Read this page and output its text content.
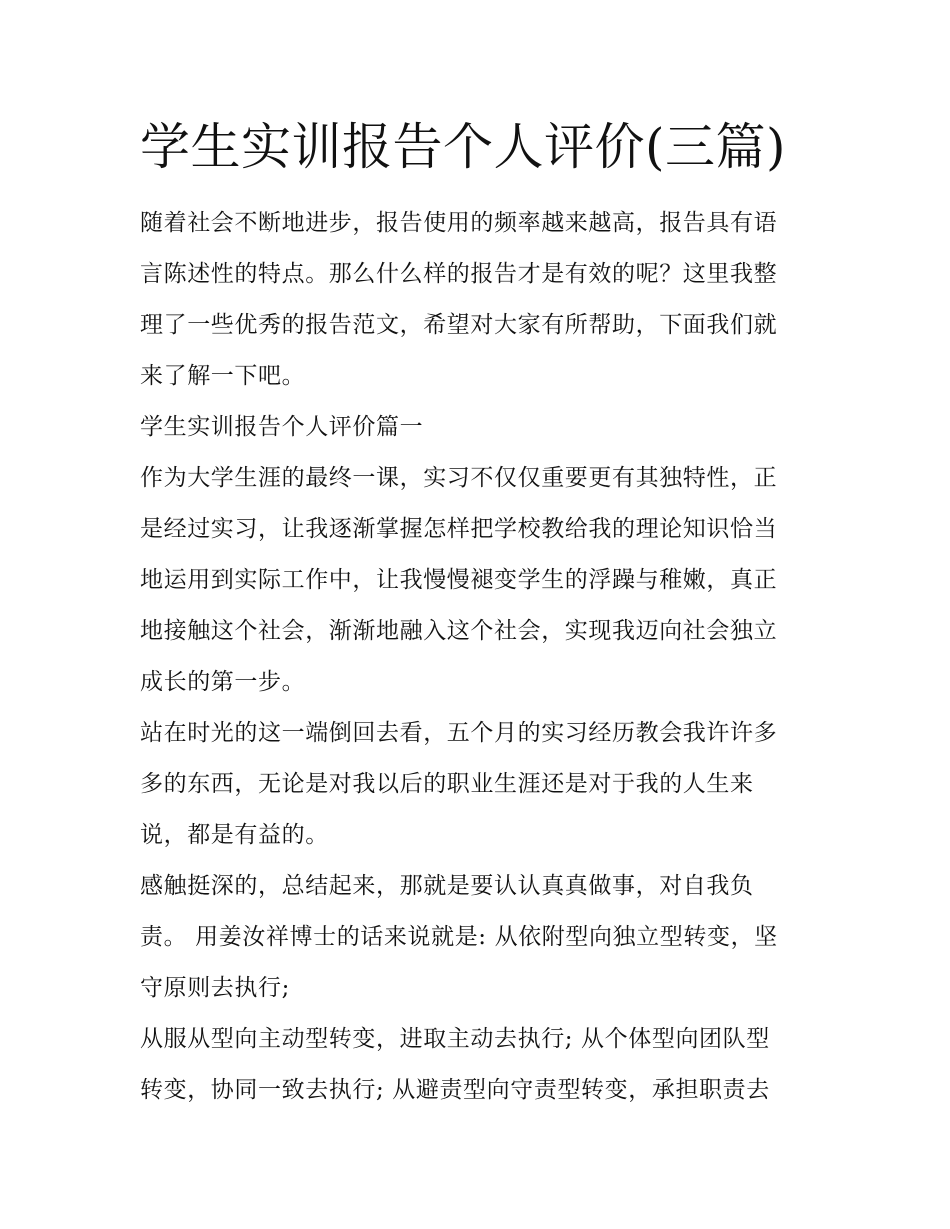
学生实训报告个人评价(三篇)
随着社会不断地进步，报告使用的频率越来越高，报告具有语
言陈述性的特点。那么什么样的报告才是有效的呢？这里我整
理了一些优秀的报告范文，希望对大家有所帮助，下面我们就
来了解一下吧。
学生实训报告个人评价篇一
作为大学生涯的最终一课，实习不仅仅重要更有其独特性，正
是经过实习，让我逐渐掌握怎样把学校教给我的理论知识恰当
地运用到实际工作中，让我慢慢褪变学生的浮躁与稚嫩，真正
地接触这个社会，渐渐地融入这个社会，实现我迈向社会独立
成长的第一步。
站在时光的这一端倒回去看，五个月的实习经历教会我许许多
多的东西，无论是对我以后的职业生涯还是对于我的人生来
说，都是有益的。
感触挺深的，总结起来，那就是要认认真真做事，对自我负
责。 用姜汝祥博士的话来说就是: 从依附型向独立型转变，坚
守原则去执行;
从服从型向主动型转变，进取主动去执行; 从个体型向团队型
转变，协同一致去执行; 从避责型向守责型转变，承担职责去
